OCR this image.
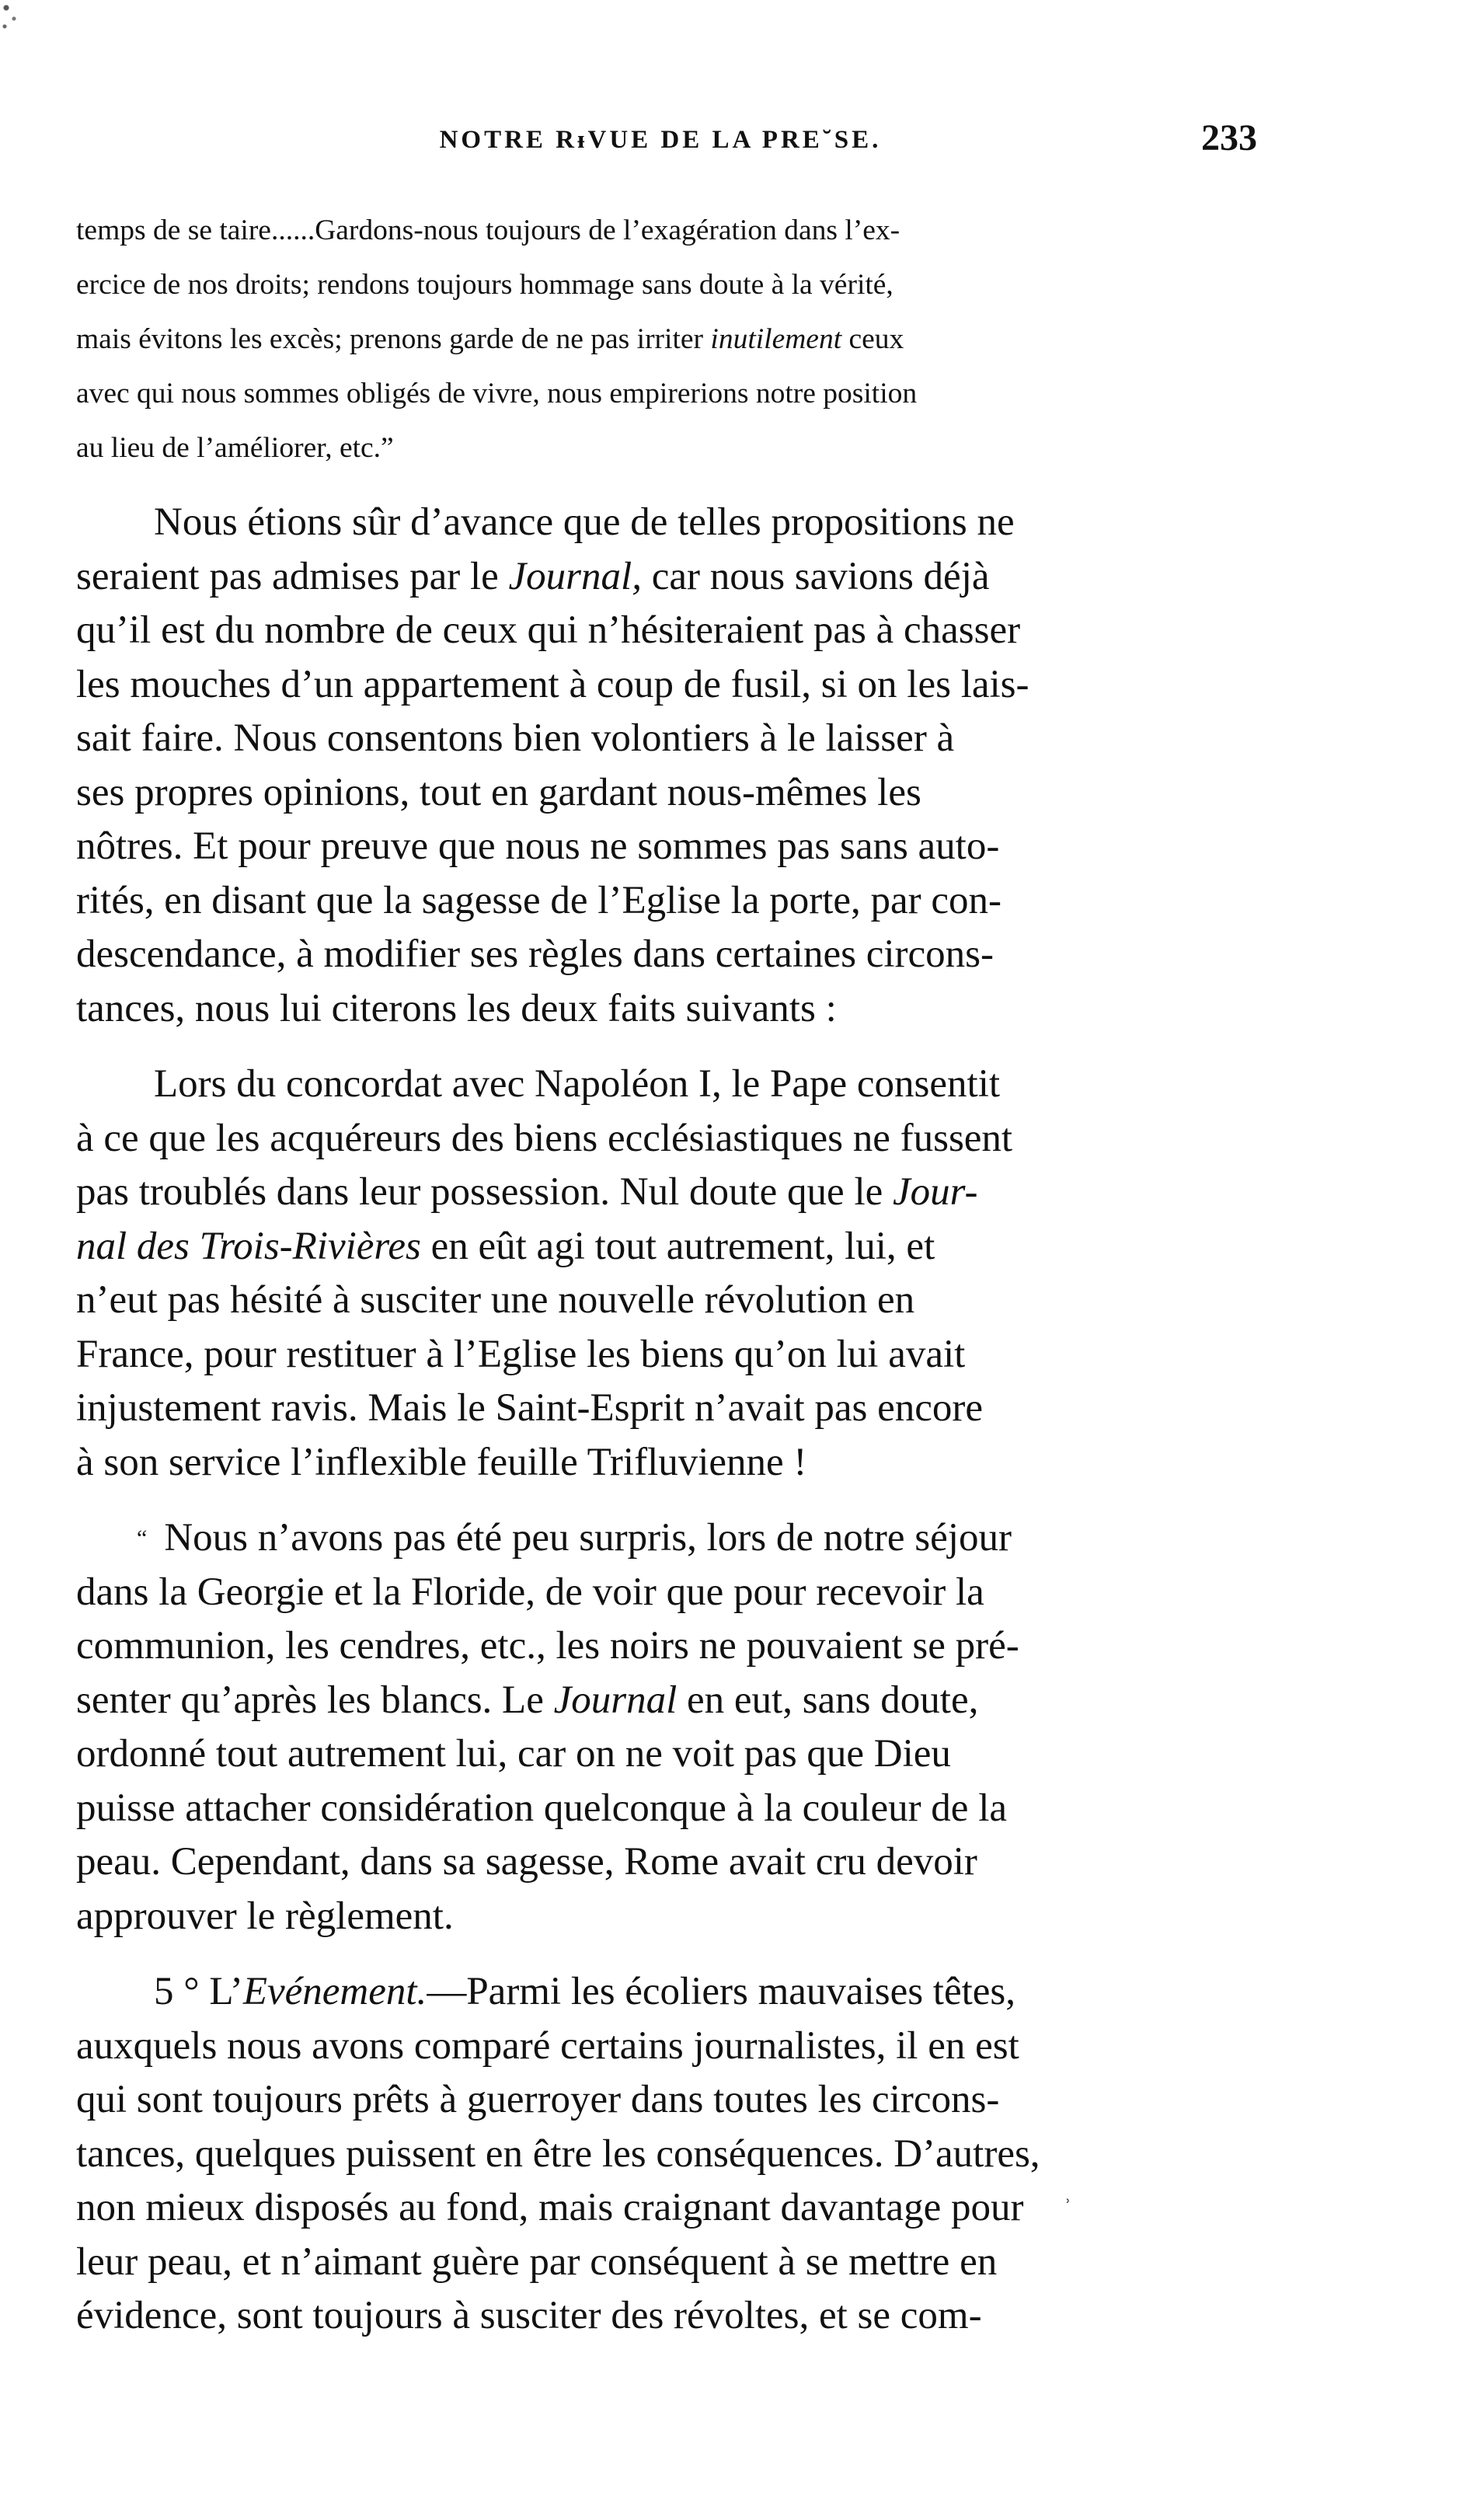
NOTRE RᵻVUE DE LA PRE˘SE.	233
temps de se taire......Gardons-nous toujours de l’exagération dans l’ex-
ercice de nos droits; rendons toujours hommage sans doute à la vérité,
mais évitons les excès; prenons garde de ne pas irriter inutilement ceux
avec qui nous sommes obligés de vivre, nous empirerions notre position
au lieu de l’améliorer, etc.”
Nous étions sûr d’avance que de telles propositions ne
seraient pas admises par le Journal, car nous savions déjà
qu’il est du nombre de ceux qui n’hésiteraient pas à chasser
les mouches d’un appartement à coup de fusil, si on les lais-
sait faire. Nous consentons bien volontiers à le laisser à
ses propres opinions, tout en gardant nous-mêmes les
nôtres. Et pour preuve que nous ne sommes pas sans auto-
rités, en disant que la sagesse de l’Eglise la porte, par con-
descendance, à modifier ses règles dans certaines circons-
tances, nous lui citerons les deux faits suivants :
Lors du concordat avec Napoléon I, le Pape consentit
à ce que les acquéreurs des biens ecclésiastiques ne fussent
pas troublés dans leur possession. Nul doute que le Jour-
nal des Trois-Rivières en eût agi tout autrement, lui, et
n’eut pas hésité à susciter une nouvelle révolution en
France, pour restituer à l’Eglise les biens qu’on lui avait
injustement ravis. Mais le Saint-Esprit n’avait pas encore
à son service l’inflexible feuille Trifluvienne !
“ Nous n’avons pas été peu surpris, lors de notre séjour
dans la Georgie et la Floride, de voir que pour recevoir la
communion, les cendres, etc., les noirs ne pouvaient se pré-
senter qu’après les blancs. Le Journal en eut, sans doute,
ordonné tout autrement lui, car on ne voit pas que Dieu
puisse attacher considération quelconque à la couleur de la
peau. Cependant, dans sa sagesse, Rome avait cru devoir
approuver le règlement.
5 ° L’Evénement.—Parmi les écoliers mauvaises têtes,
auxquels nous avons comparé certains journalistes, il en est
qui sont toujours prêts à guerroyer dans toutes les circons-
tances, quelques puissent en être les conséquences. D’autres,
non mieux disposés au fond, mais craignant davantage pour $^ʾ$
leur peau, et n’aimant guère par conséquent à se mettre en
évidence, sont toujours à susciter des révoltes, et se com-
